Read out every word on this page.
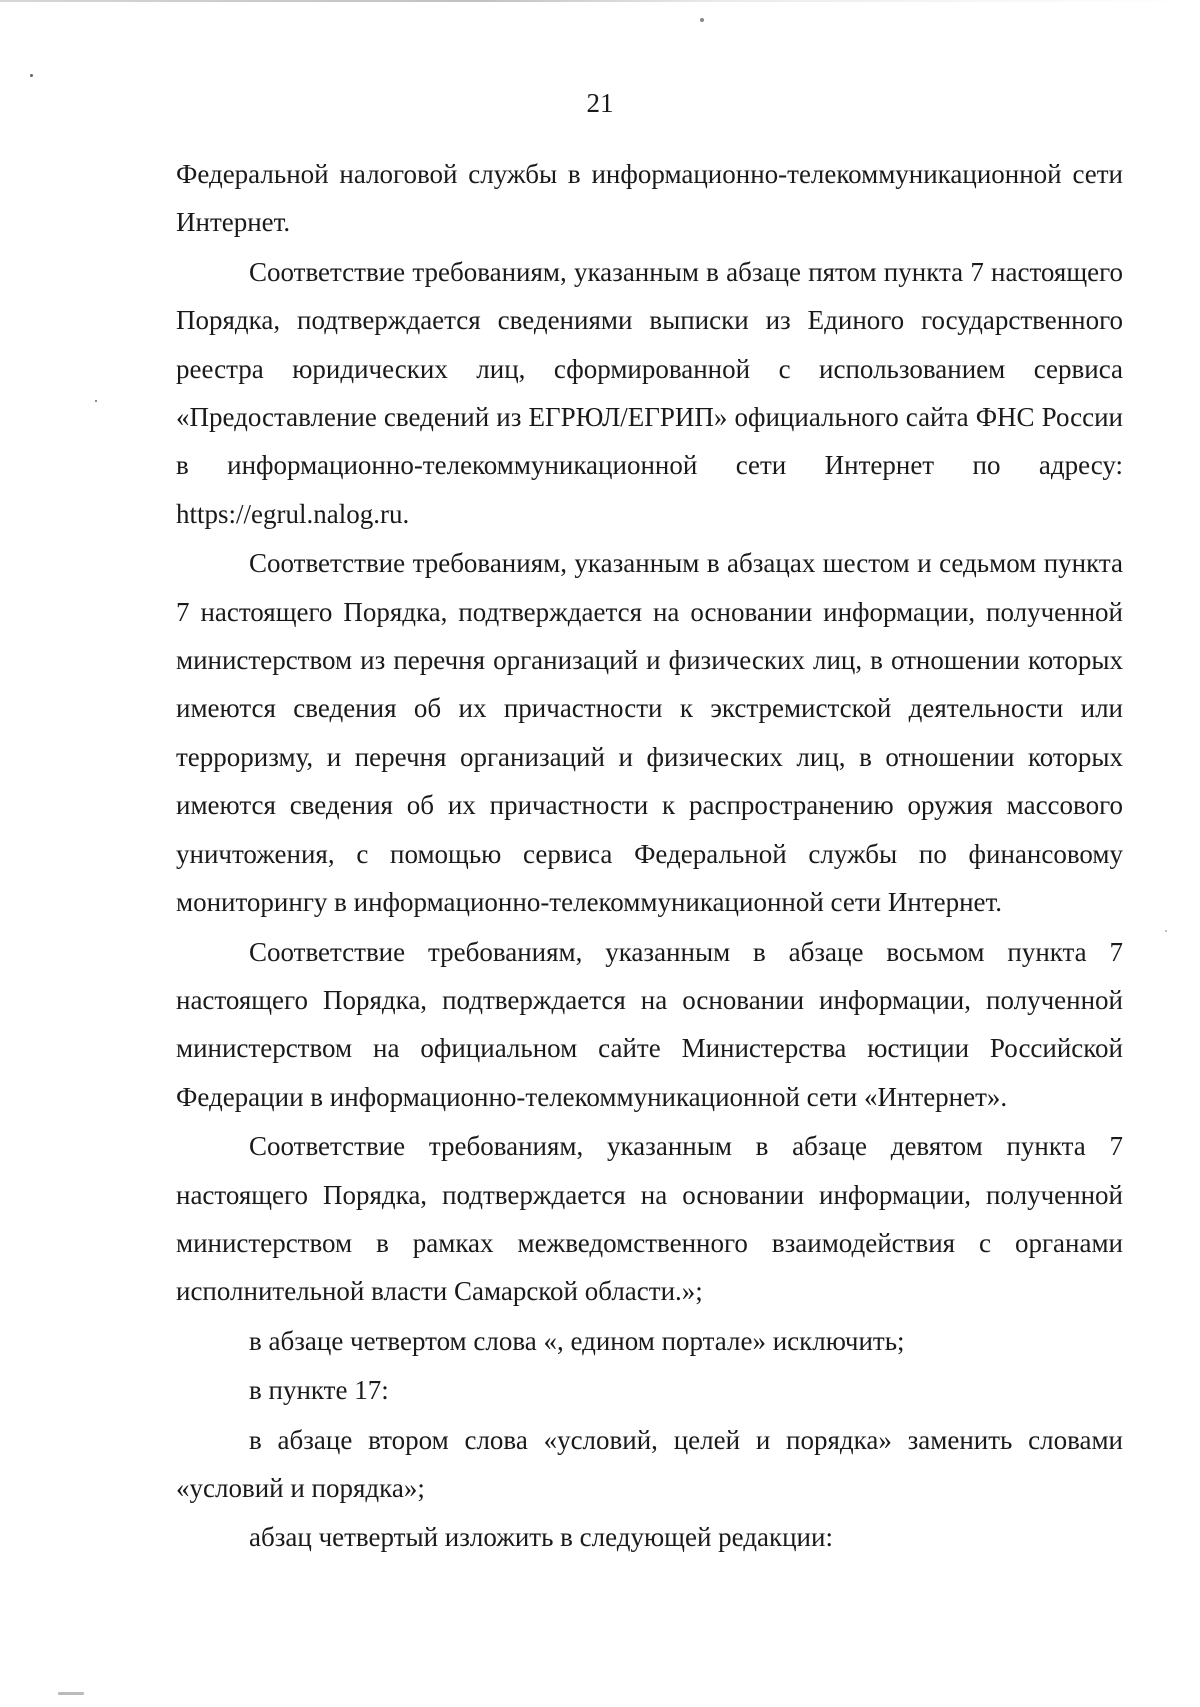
21

Федеральной налоговой службы в информационно-телекоммуникационной сети Интернет.

Соответствие требованиям, указанным в абзаце пятом пункта 7 настоящего Порядка, подтверждается сведениями выписки из Единого государственного реестра юридических лиц, сформированной с использованием сервиса «Предоставление сведений из ЕГРЮЛ/ЕГРИП» официального сайта ФНС России в информационно-телекоммуникационной сети Интернет по адресу: https://egrul.nalog.ru.

Соответствие требованиям, указанным в абзацах шестом и седьмом пункта 7 настоящего Порядка, подтверждается на основании информации, полученной министерством из перечня организаций и физических лиц, в отношении которых имеются сведения об их причастности к экстремистской деятельности или терроризму, и перечня организаций и физических лиц, в отношении которых имеются сведения об их причастности к распространению оружия массового уничтожения, с помощью сервиса Федеральной службы по финансовому мониторингу в информационно-телекоммуникационной сети Интернет.

Соответствие требованиям, указанным в абзаце восьмом пункта 7 настоящего Порядка, подтверждается на основании информации, полученной министерством на официальном сайте Министерства юстиции Российской Федерации в информационно-телекоммуникационной сети «Интернет».

Соответствие требованиям, указанным в абзаце девятом пункта 7 настоящего Порядка, подтверждается на основании информации, полученной министерством в рамках межведомственного взаимодействия с органами исполнительной власти Самарской области.»;

в абзаце четвертом слова «, едином портале» исключить;

в пункте 17:

в абзаце втором слова «условий, целей и порядка» заменить словами «условий и порядка»;

абзац четвертый изложить в следующей редакции:
